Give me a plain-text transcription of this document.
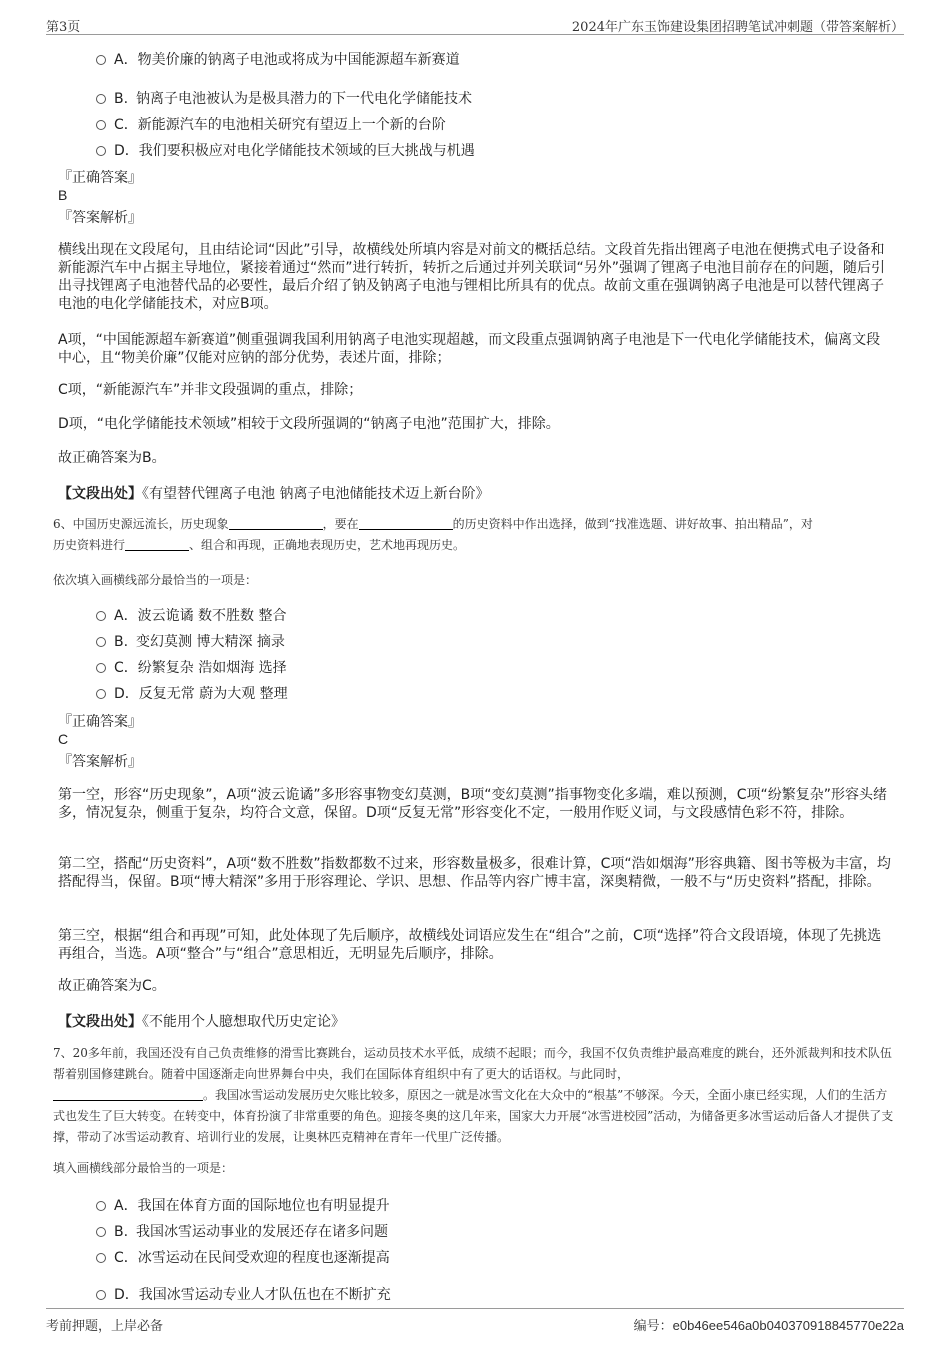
第3页	2024年广东玉饰建设集团招聘笔试冲刺题（带答案解析）
A．物美价廉的钠离子电池或将成为中国能源超车新赛道
B. 钠离子电池被认为是极具潜力的下一代电化学储能技术
C．新能源汽车的电池相关研究有望迈上一个新的台阶
D．我们要积极应对电化学储能技术领域的巨大挑战与机遇
『正确答案』
B
『答案解析』

横线出现在文段尾句，且由结论词“因此”引导，故横线处所填内容是对前文的概括总结。文段首先指出锂离子电池在便携式电子设备和新能源汽车中占据主导地位，紧接着通过“然而”进行转折，转折之后通过并列关联词“另外”强调了锂离子电池目前存在的问题，随后引出寻找锂离子电池替代品的必要性，最后介绍了钠及钠离子电池与锂相比所具有的优点。故前文重在强调钠离子电池是可以替代锂离子电池的电化学储能技术，对应B项。

A项，“中国能源超车新赛道”侧重强调我国利用钠离子电池实现超越，而文段重点强调钠离子电池是下一代电化学储能技术，偏离文段中心，且“物美价廉”仅能对应钠的部分优势，表述片面，排除；

C项，“新能源汽车”并非文段强调的重点，排除；

D项，“电化学储能技术领域”相较于文段所强调的“钠离子电池”范围扩大，排除。

故正确答案为B。

【文段出处】《有望替代锂离子电池 钠离子电池储能技术迈上新台阶》

6、中国历史源远流长，历史现象	，要在	的历史资料中作出选择，做到“找准选题、讲好故事、拍出精品”，对
历史资料进行	、组合和再现，正确地表现历史，艺术地再现历史。

依次填入画横线部分最恰当的一项是：
A．波云诡谲 数不胜数 整合
B. 变幻莫测 博大精深 摘录
C．纷繁复杂 浩如烟海 选择
D．反复无常 蔚为大观 整理
『正确答案』
C
『答案解析』

第一空，形容“历史现象”，A项“波云诡谲”多形容事物变幻莫测，B项“变幻莫测”指事物变化多端，难以预测，C项“纷繁复杂”形容头绪多，情况复杂，侧重于复杂，均符合文意，保留。D项“反复无常”形容变化不定，一般用作贬义词，与文段感情色彩不符，排除。

第二空，搭配“历史资料”，A项“数不胜数”指数都数不过来，形容数量极多，很难计算，C项“浩如烟海”形容典籍、图书等极为丰富，均搭配得当，保留。B项“博大精深”多用于形容理论、学识、思想、作品等内容广博丰富，深奥精微，一般不与“历史资料”搭配，排除。

第三空，根据“组合和再现”可知，此处体现了先后顺序，故横线处词语应发生在“组合”之前，C项“选择”符合文段语境，体现了先挑选再组合，当选。A项“整合”与“组合”意思相近，无明显先后顺序，排除。

故正确答案为C。

【文段出处】《不能用个人臆想取代历史定论》

7、20多年前，我国还没有自己负责维修的滑雪比赛跳台，运动员技术水平低，成绩不起眼；而今，我国不仅负责维护最高难度的跳台，还外派裁判和技术队伍帮着别国修建跳台。随着中国逐渐走向世界舞台中央，我们在国际体育组织中有了更大的话语权。与此同时，
。我国冰雪运动发展历史欠账比较多，原因之一就是冰雪文化在大众中的“根基”不够深。今天，全面小康已经实现，人们的生活方式也发生了巨大转变。在转变中，体育扮演了非常重要的角色。迎接冬奥的这几年来，国家大力开展“冰雪进校园”活动，为储备更多冰雪运动后备人才提供了支撑，带动了冰雪运动教育、培训行业的发展，让奥林匹克精神在青年一代里广泛传播。

填入画横线部分最恰当的一项是：
A．我国在体育方面的国际地位也有明显提升
B. 我国冰雪运动事业的发展还存在诸多问题
C．冰雪运动在民间受欢迎的程度也逐渐提高
D．我国冰雪运动专业人才队伍也在不断扩充
考前押题，上岸必备	编号：e0b46ee546a0b040370918845770e22a
